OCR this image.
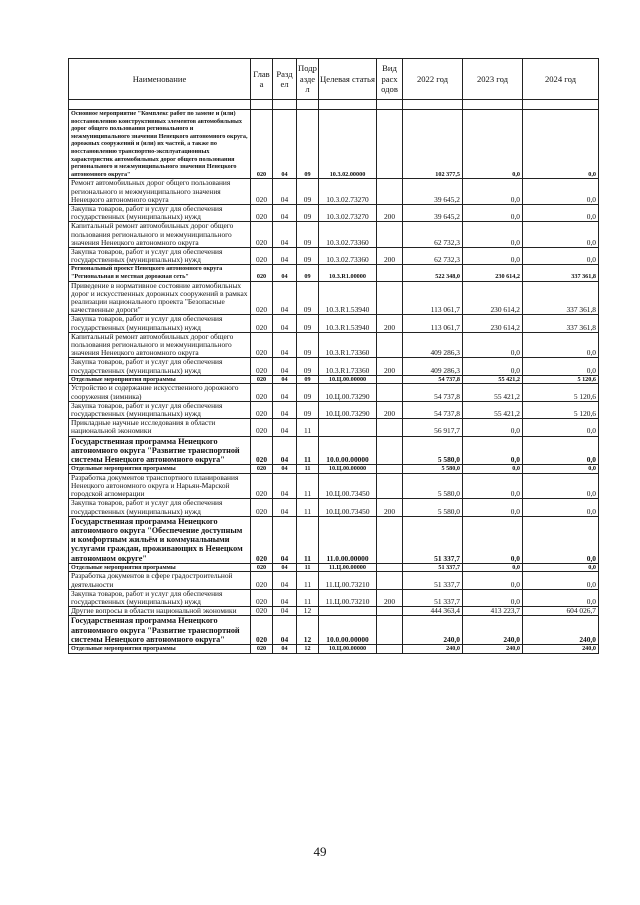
Наименование	Глав а	Разд ел	Подр азде л	Целевая статья	Вид расх одов	2022 год	2023 год	2024 год

Основное мероприятие "Комплекс работ по замене и (или) восстановлению конструктивных элементов автомобильных дорог общего пользования регионального и межмуниципального значения Ненецкого автономного округа, дорожных сооружений и (или) их частей, а также по восстановлению транспортно-эксплуатационных характеристик автомобильных дорог общего пользования регионального и межмуниципального значения Ненецкого автономного округа"	020	04	09	10.3.02.00000		102 377,5	0,0	0,0
Ремонт автомобильных дорог общего пользования регионального и межмуниципального значения Ненецкого автономного округа	020	04	09	10.3.02.73270		39 645,2	0,0	0,0
Закупка товаров, работ и услуг для обеспечения государственных (муниципальных) нужд	020	04	09	10.3.02.73270	200	39 645,2	0,0	0,0
Капитальный ремонт автомобильных дорог общего пользования регионального и межмуниципального значения Ненецкого автономного округа	020	04	09	10.3.02.73360		62 732,3	0,0	0,0
Закупка товаров, работ и услуг для обеспечения государственных (муниципальных) нужд	020	04	09	10.3.02.73360	200	62 732,3	0,0	0,0
Региональный проект Ненецкого автономного округа "Региональная и местная дорожная сеть"	020	04	09	10.3.R1.00000		522 348,0	230 614,2	337 361,8
Приведение в нормативное состояние автомобильных дорог и искусственных дорожных сооружений в рамках реализации национального проекта "Безопасные качественные дороги"	020	04	09	10.3.R1.53940		113 061,7	230 614,2	337 361,8
Закупка товаров, работ и услуг для обеспечения государственных (муниципальных) нужд	020	04	09	10.3.R1.53940	200	113 061,7	230 614,2	337 361,8
Капитальный ремонт автомобильных дорог общего пользования регионального и межмуниципального значения Ненецкого автономного округа	020	04	09	10.3.R1.73360		409 286,3	0,0	0,0
Закупка товаров, работ и услуг для обеспечения государственных (муниципальных) нужд	020	04	09	10.3.R1.73360	200	409 286,3	0,0	0,0
Отдельные мероприятия программы	020	04	09	10.Ц.00.00000		54 737,8	55 421,2	5 120,6
Устройство и содержание искусственного дорожного сооружения (зимника)	020	04	09	10.Ц.00.73290		54 737,8	55 421,2	5 120,6
Закупка товаров, работ и услуг для обеспечения государственных (муниципальных) нужд	020	04	09	10.Ц.00.73290	200	54 737,8	55 421,2	5 120,6
Прикладные научные исследования в области национальной экономики	020	04	11			56 917,7	0,0	0,0
Государственная программа Ненецкого автономного округа "Развитие транспортной системы Ненецкого автономного округа"	020	04	11	10.0.00.00000		5 580,0	0,0	0,0
Отдельные мероприятия программы	020	04	11	10.Ц.00.00000		5 580,0	0,0	0,0
Разработка документов транспортного планирования Ненецкого автономного округа и Нарьян-Марской городской агломерации	020	04	11	10.Ц.00.73450		5 580,0	0,0	0,0
Закупка товаров, работ и услуг для обеспечения государственных (муниципальных) нужд	020	04	11	10.Ц.00.73450	200	5 580,0	0,0	0,0
Государственная программа Ненецкого автономного округа "Обеспечение доступным и комфортным жильём и коммунальными услугами граждан, проживающих в Ненецком автономном округе"	020	04	11	11.0.00.00000		51 337,7	0,0	0,0
Отдельные мероприятия программы	020	04	11	11.Ц.00.00000		51 337,7	0,0	0,0
Разработка документов в сфере градостроительной деятельности	020	04	11	11.Ц.00.73210		51 337,7	0,0	0,0
Закупка товаров, работ и услуг для обеспечения государственных (муниципальных) нужд	020	04	11	11.Ц.00.73210	200	51 337,7	0,0	0,0
Другие вопросы в области национальной экономики	020	04	12			444 363,4	413 223,7	604 026,7
Государственная программа Ненецкого автономного округа "Развитие транспортной системы Ненецкого автономного округа"	020	04	12	10.0.00.00000		240,0	240,0	240,0
Отдельные мероприятия программы	020	04	12	10.Ц.00.00000		240,0	240,0	240,0
49
